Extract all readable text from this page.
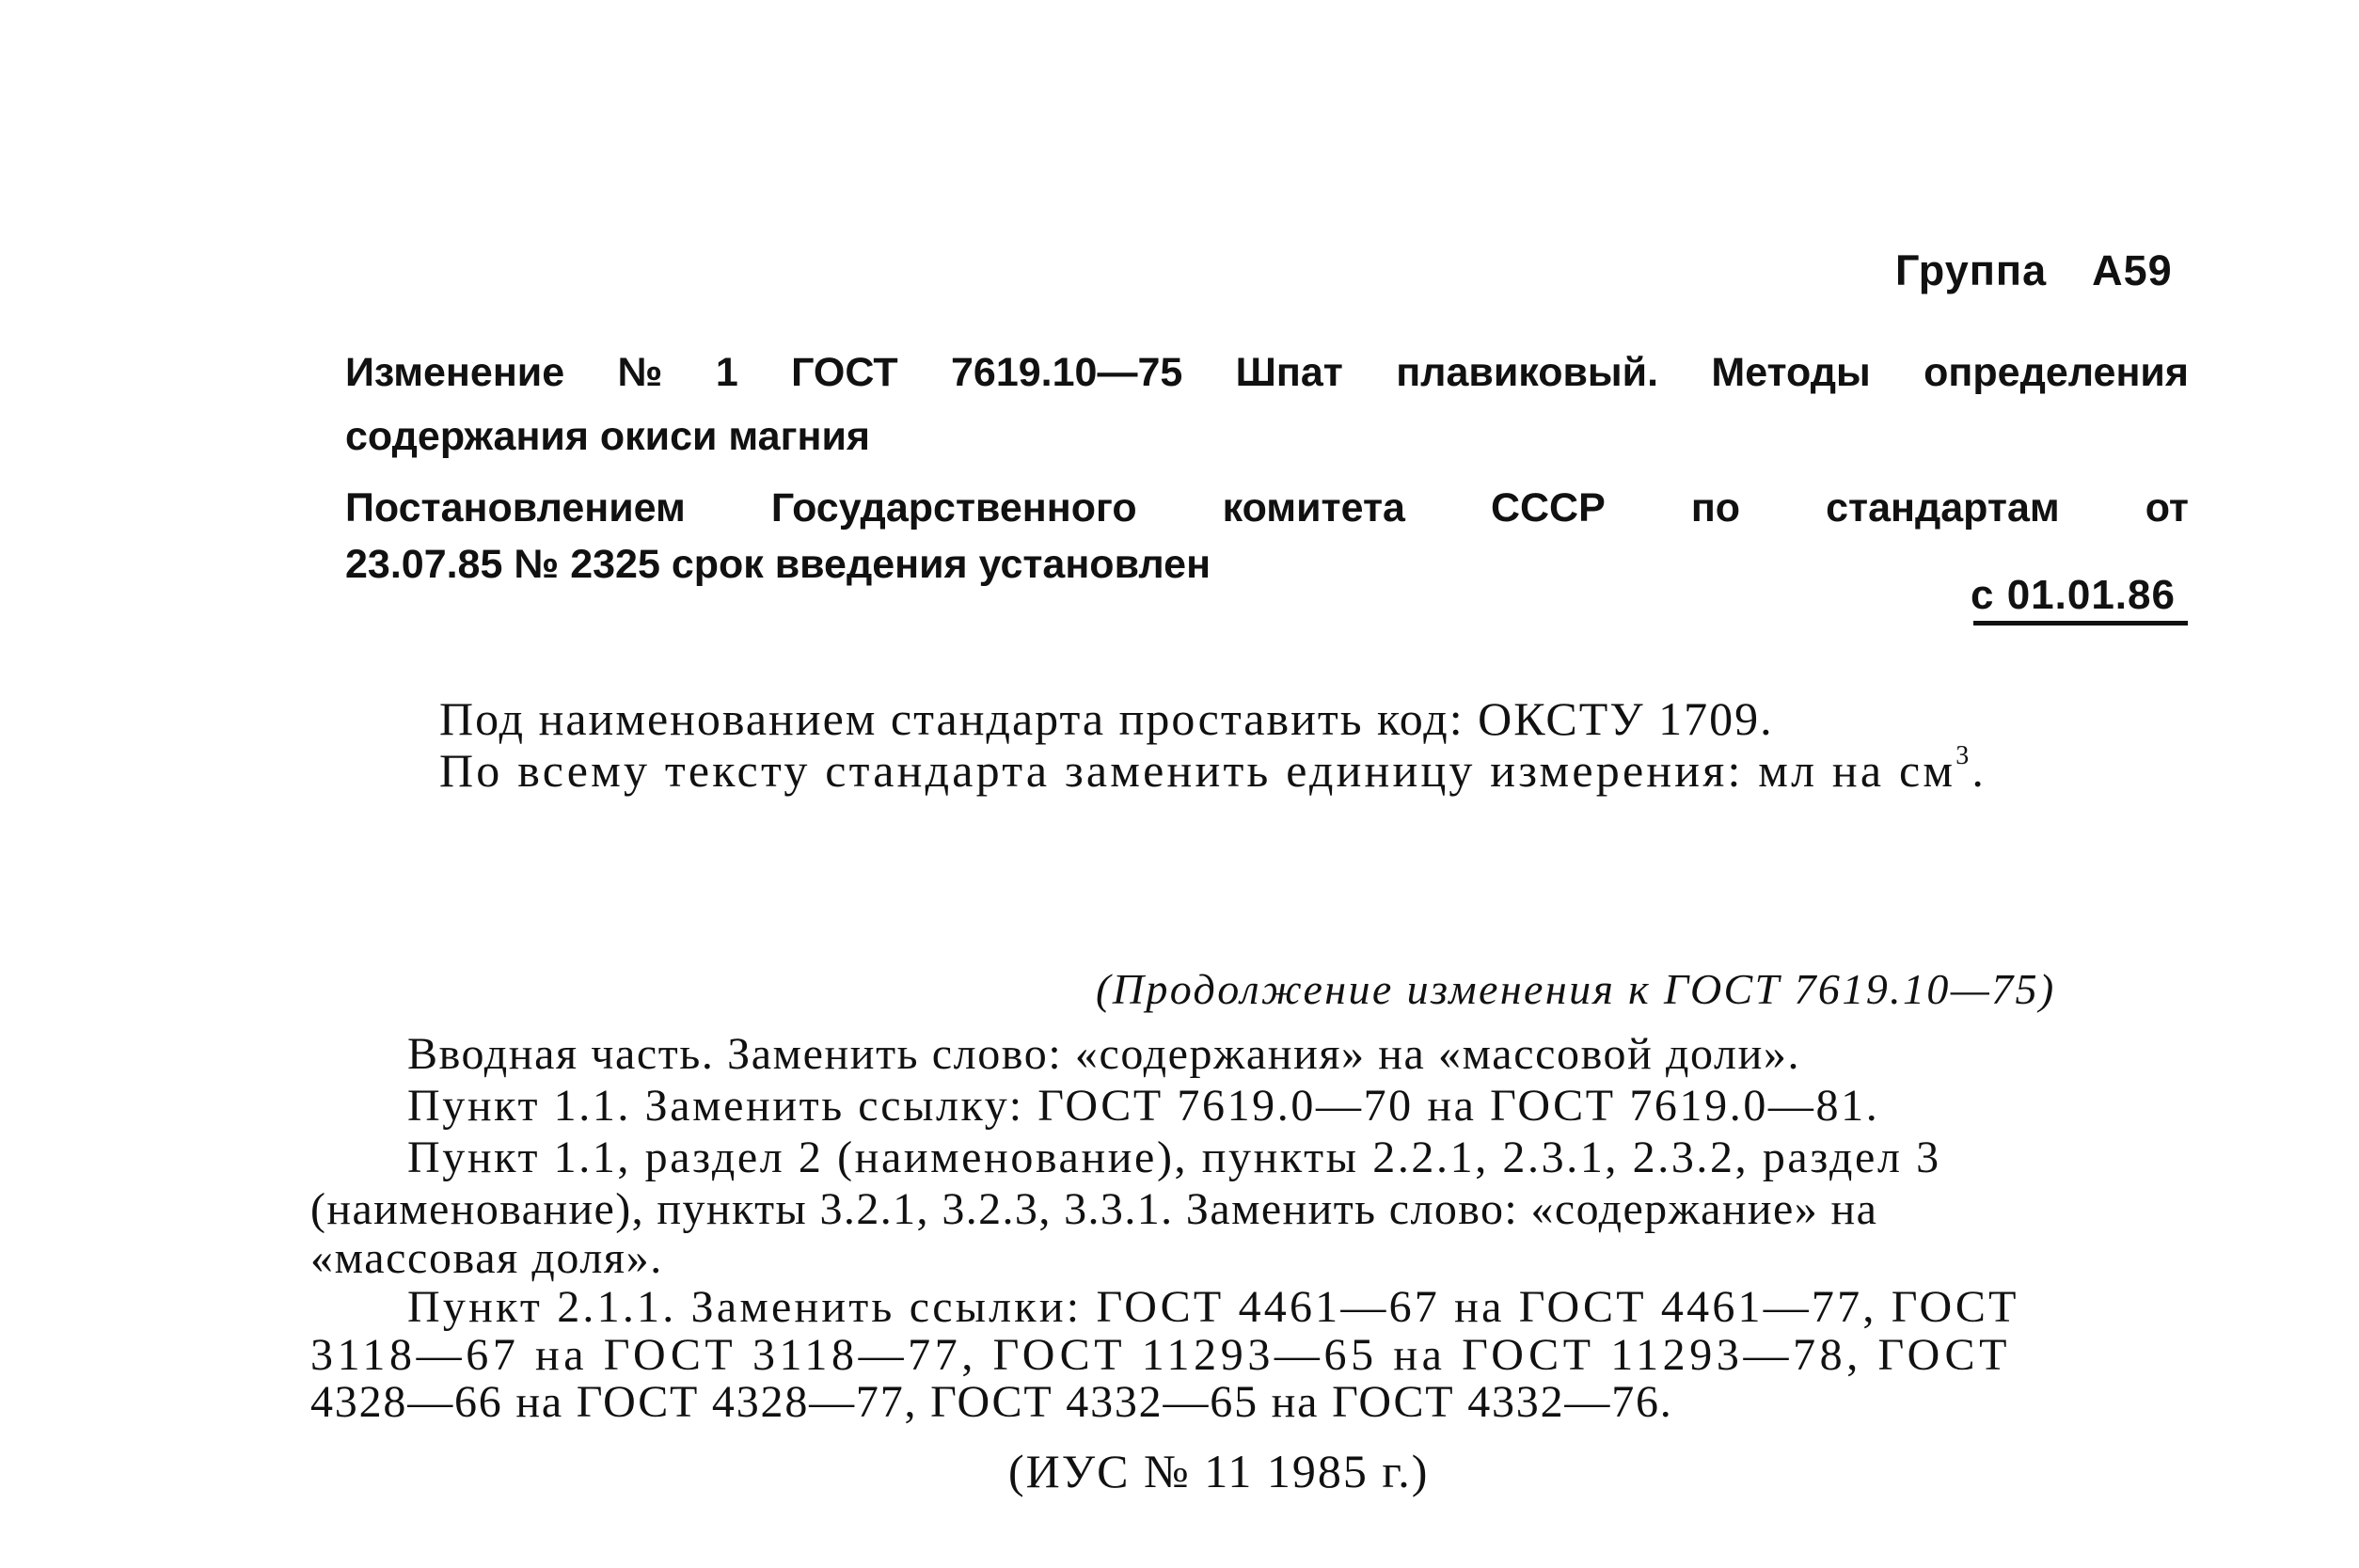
Группа А59
Изменение № 1 ГОСТ 7619.10—75 Шпат плавиковый. Методы определения
содержания окиси магния
Постановлением Государственного комитета СССР по стандартам от
23.07.85 № 2325 срок введения установлен
с 01.01.86
Под наименованием стандарта проставить код: ОКСТУ 1709.
По всему тексту стандарта заменить единицу измерения: мл на $см^3$.
(Продолжение изменения к ГОСТ 7619.10—75)
Вводная часть. Заменить слово: «содержания» на «массовой доли».
Пункт 1.1. Заменить ссылку: ГОСТ 7619.0—70 на ГОСТ 7619.0—81.
Пункт 1.1, раздел 2 (наименование), пункты 2.2.1, 2.3.1, 2.3.2, раздел 3
(наименование), пункты 3.2.1, 3.2.3, 3.3.1. Заменить слово: «содержание» на
«массовая доля».
Пункт 2.1.1. Заменить ссылки: ГОСТ 4461—67 на ГОСТ 4461—77, ГОСТ
3118—67 на ГОСТ 3118—77, ГОСТ 11293—65 на ГОСТ 11293—78, ГОСТ
4328—66 на ГОСТ 4328—77, ГОСТ 4332—65 на ГОСТ 4332—76.
(ИУС № 11 1985 г.)
